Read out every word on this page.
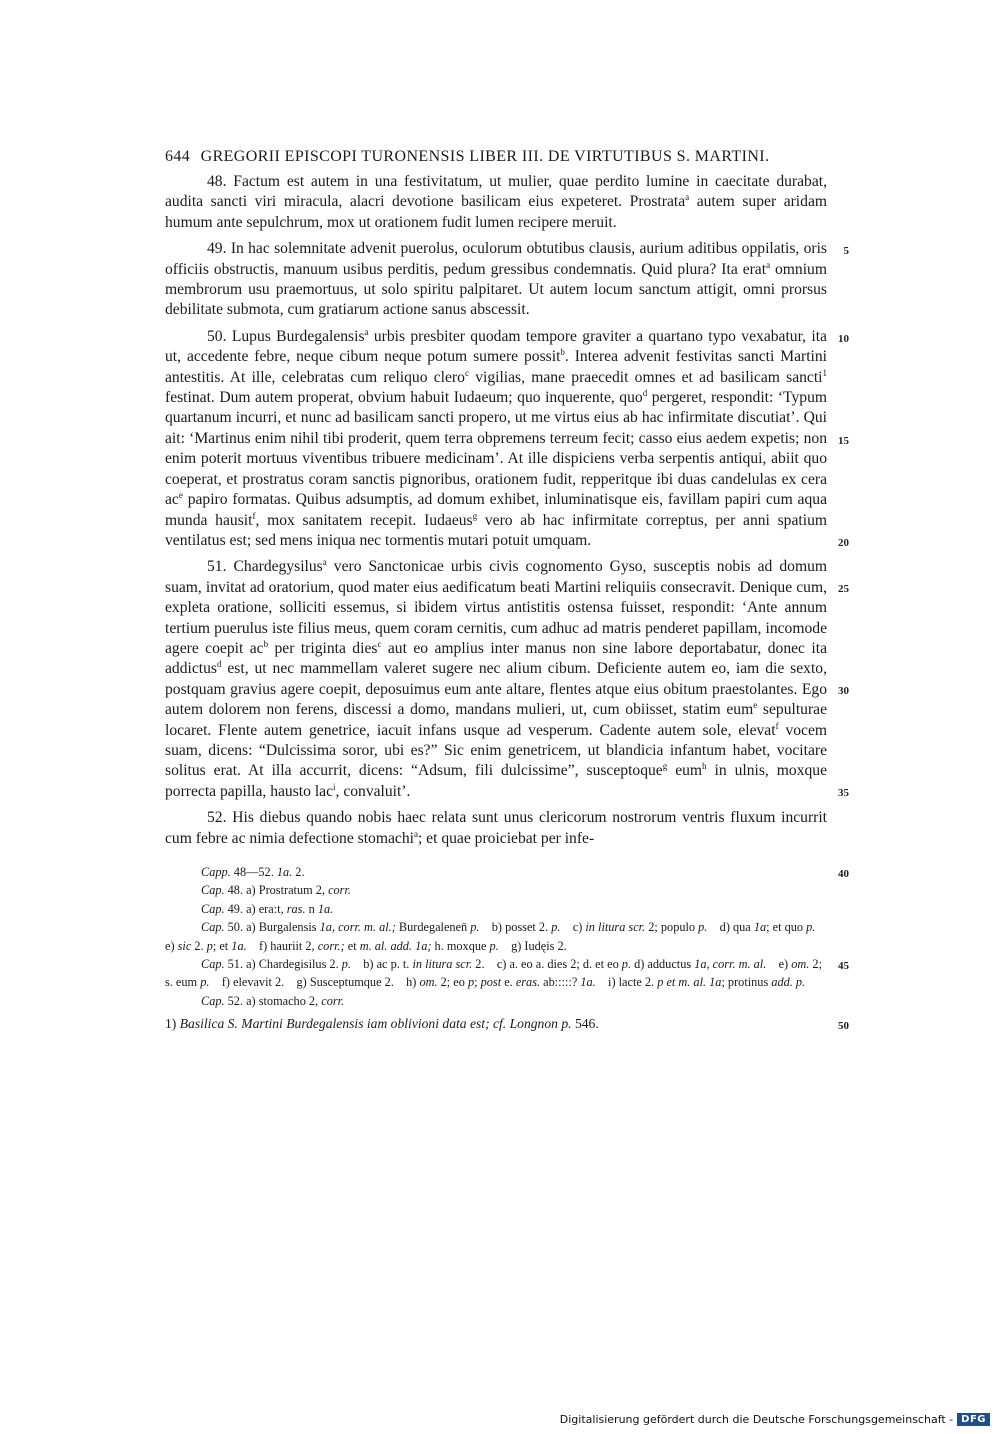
644 GREGORII EPISCOPI TURONENSIS LIBER III. DE VIRTUTIBUS S. MARTINI.

48. Factum est autem in una festivitatum, ut mulier, quae perdito lumine in caecitate durabat, audita sancti viri miracula, alacri devotione basilicam eius expeteret. Prostrata$^a$ autem super aridam humum ante sepulchrum, mox ut orationem fudit lumen recipere meruit.

5
49. In hac solemnitate advenit puerolus, oculorum obtutibus clausis, aurium aditibus oppilatis, oris officiis obstructis, manuum usibus perditis, pedum gressibus condemnatis. Quid plura? Ita erat$^a$ omnium membrorum usu praemortuus, ut solo spiritu palpitaret. Ut autem locum sanctum attigit, omni prorsus debilitate submota, cum gratiarum actione sanus abscessit.

10
15
20
50. Lupus Burdegalensis$^a$ urbis presbiter quodam tempore graviter a quartano typo vexabatur, ita ut, accedente febre, neque cibum neque potum sumere possit$^b$. Interea advenit festivitas sancti Martini antestitis. At ille, celebratas cum reliquo clero$^c$ vigilias, mane praecedit omnes et ad basilicam sancti$^1$ festinat. Dum autem properat, obvium habuit Iudaeum; quo inquerente, quo$^d$ pergeret, respondit: ‘Typum quartanum incurri, et nunc ad basilicam sancti propero, ut me virtus eius ab hac infirmitate discutiat’. Qui ait: ‘Martinus enim nihil tibi proderit, quem terra obpremens terreum fecit; casso eius aedem expetis; non enim poterit mortuus viventibus tribuere medicinam’. At ille dispiciens verba serpentis antiqui, abiit quo coeperat, et prostratus coram sanctis pignoribus, orationem fudit, repperitque ibi duas candelulas ex cera $ac^e$ papiro formatas. Quibus adsumptis, ad domum exhibet, inluminatisque eis, favillam papiri cum aqua munda hausit$^f$, mox sanitatem recepit. Iudaeus$^g$ vero ab hac infirmitate correptus, per anni spatium ventilatus est; sed mens iniqua nec tormentis mutari potuit umquam.

25
30
35
51. Chardegysilus$^a$ vero Sanctonicae urbis civis cognomento Gyso, susceptis nobis ad domum suam, invitat ad oratorium, quod mater eius aedificatum beati Martini reliquiis consecravit. Denique cum, expleta oratione, solliciti essemus, si ibidem virtus antistitis ostensa fuisset, respondit: ‘Ante annum tertium puerulus iste filius meus, quem coram cernitis, cum adhuc ad matris penderet papillam, incomode agere coepit $ac^b$ per triginta dies$^c$ aut eo amplius inter manus non sine labore deportabatur, donec ita addictus$^d$ est, ut nec mammellam valeret sugere nec alium cibum. Deficiente autem eo, iam die sexto, postquam gravius agere coepit, deposuimus eum ante altare, flentes atque eius obitum praestolantes. Ego autem dolorem non ferens, discessi a domo, mandans mulieri, ut, cum obiisset, statim eum$^e$ sepulturae locaret. Flente autem genetrice, iacuit infans usque ad vesperum. Cadente autem sole, elevat$^f$ vocem suam, dicens: “Dulcissima soror, ubi es?” Sic enim genetricem, ut blandicia infantum habet, vocitare solitus erat. At illa accurrit, dicens: “Adsum, fili dulcissime”, susceptoque$^g$ eum$^h$ in ulnis, moxque porrecta papilla, hausto lac$^i$, convaluit’.

52. His diebus quando nobis haec relata sunt unus clericorum nostrorum ventris fluxum incurrit cum febre ac nimia defectione stomachi$^a$; et quae proiciebat per infe-

40
45
Capp. 48—52. 1a. 2.
Cap. 48. a) Prostratum 2, corr.
Cap. 49. a) era:t, ras. n 1a.
Cap. 50. a) Burgalensis 1a, corr. m. al.; Burdegalenen̄ p.    b) posset 2. p.    c) in litura scr. 2; populo p.    d) qua 1a; et quo p.    e) sic 2. p; et 1a.    f) hauriit 2, corr.; et m. al. add. 1a; h. moxque p.    g) Iudęis 2.
Cap. 51. a) Chardegisilus 2. p.    b) ac p. t. in litura scr. 2.    c) a. eo a. dies 2; d. et eo p. d) adductus 1a, corr. m. al.    e) om. 2; s. eum p.    f) elevavit 2.    g) Susceptumque 2.    h) om. 2; eo p; post e. eras. ab:::::? 1a.    i) lacte 2. p et m. al. 1a; protinus add. p.
Cap. 52. a) stomacho 2, corr.
50
1) Basilica S. Martini Burdegalensis iam oblivioni data est; cf. Longnon p. 546.
Digitalisierung gefördert durch die Deutsche Forschungsgemeinschaft - DFG
